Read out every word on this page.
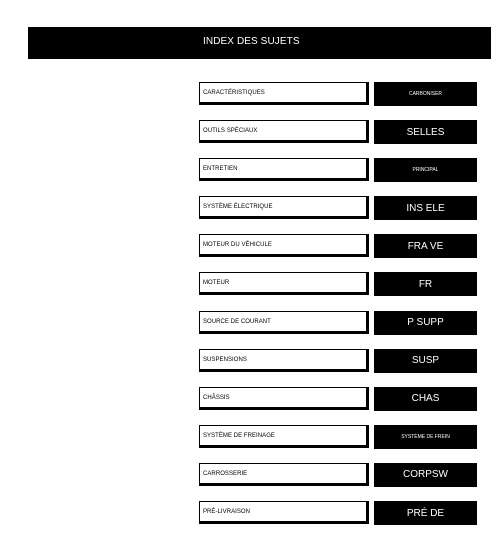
INDEX DES SUJETS
CARACTÉRISTIQUES	CARBONISER
OUTILS SPÉCIAUX	SELLES
ENTRETIEN	PRINCIPAL
SYSTÈME ÉLECTRIQUE	INS ELE
MOTEUR DU VÉHICULE	FRA VE
MOTEUR	FR
SOURCE DE COURANT	P SUPP
SUSPENSIONS	SUSP
CHÂSSIS	CHAS
SYSTÈME DE FREINAGE	SYSTÈME DE FREIN
CARROSSERIE	CORPSW
PRÉ-LIVRAISON	PRÉ DE
